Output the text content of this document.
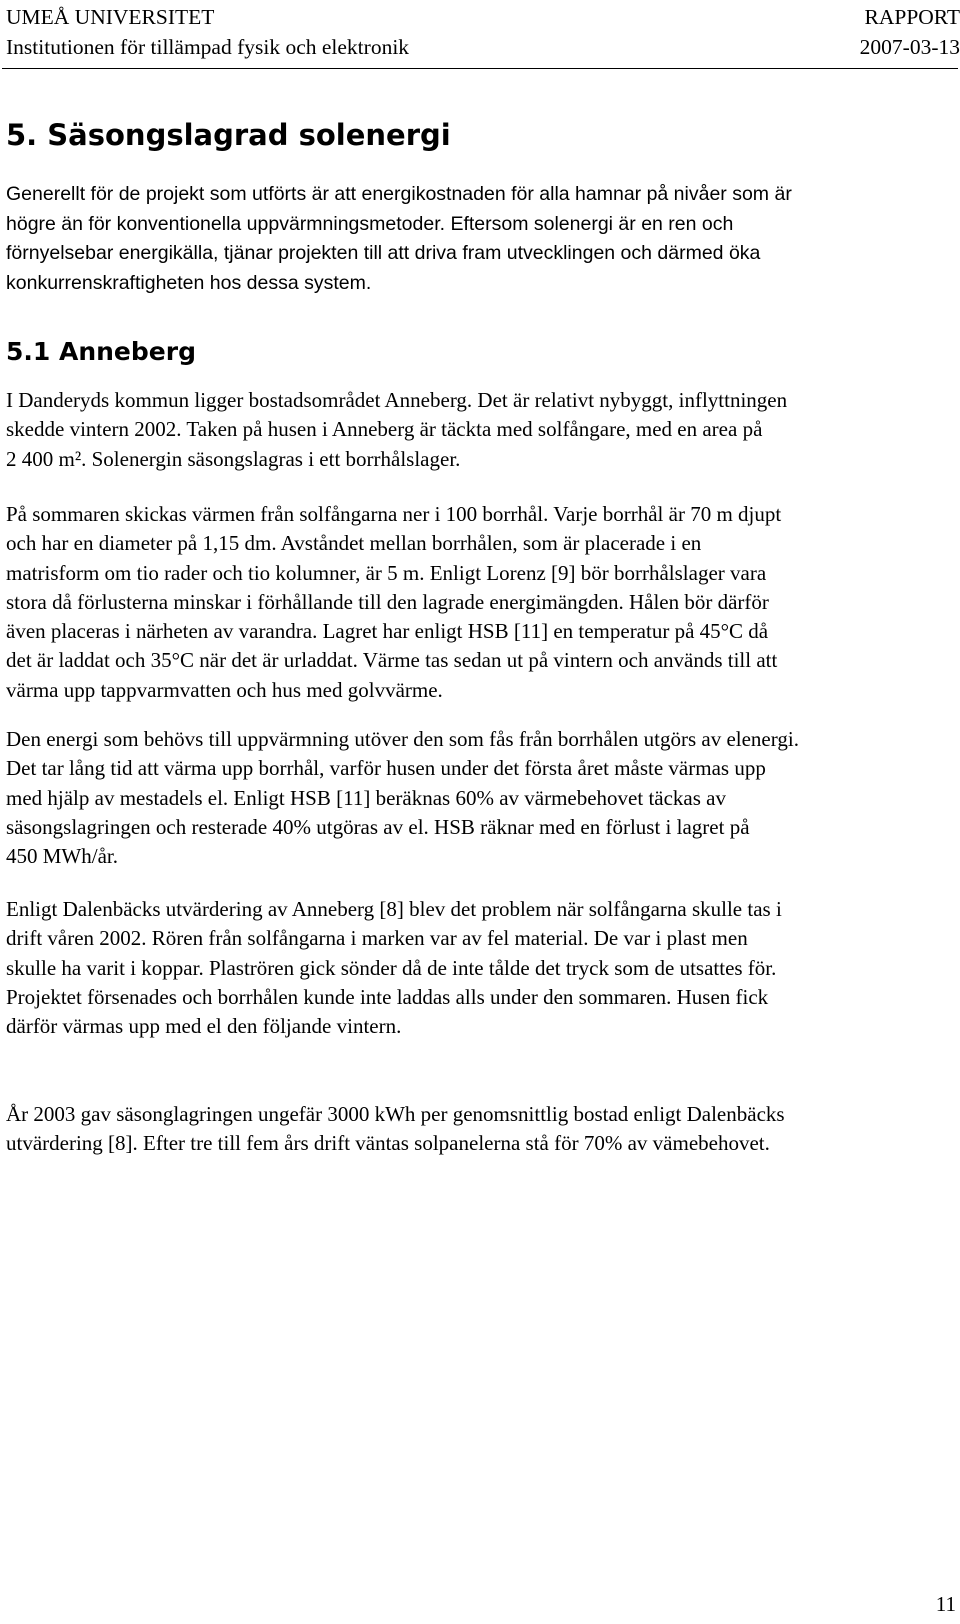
UMEÅ UNIVERSITET	RAPPORT
Institutionen för tillämpad fysik och elektronik	2007-03-13
5. Säsongslagrad solenergi
Generellt för de projekt som utförts är att energikostnaden för alla hamnar på nivåer som är
högre än för konventionella uppvärmningsmetoder. Eftersom solenergi är en ren och
förnyelsebar energikälla, tjänar projekten till att driva fram utvecklingen och därmed öka
konkurrenskraftigheten hos dessa system.
5.1 Anneberg
I Danderyds kommun ligger bostadsområdet Anneberg. Det är relativt nybyggt, inflyttningen
skedde vintern 2002. Taken på husen i Anneberg är täckta med solfångare, med en area på
2 400 m². Solenergin säsongslagras i ett borrhålslager.
På sommaren skickas värmen från solfångarna ner i 100 borrhål. Varje borrhål är 70 m djupt
och har en diameter på 1,15 dm. Avståndet mellan borrhålen, som är placerade i en
matrisform om tio rader och tio kolumner, är 5 m. Enligt Lorenz [9] bör borrhålslager vara
stora då förlusterna minskar i förhållande till den lagrade energimängden. Hålen bör därför
även placeras i närheten av varandra. Lagret har enligt HSB [11] en temperatur på 45°C då
det är laddat och 35°C när det är urladdat. Värme tas sedan ut på vintern och används till att
värma upp tappvarmvatten och hus med golvvärme.
Den energi som behövs till uppvärmning utöver den som fås från borrhålen utgörs av elenergi.
Det tar lång tid att värma upp borrhål, varför husen under det första året måste värmas upp
med hjälp av mestadels el. Enligt HSB [11] beräknas 60% av värmebehovet täckas av
säsongslagringen och resterade 40% utgöras av el. HSB räknar med en förlust i lagret på
450 MWh/år.
Enligt Dalenbäcks utvärdering av Anneberg [8] blev det problem när solfångarna skulle tas i
drift våren 2002. Rören från solfångarna i marken var av fel material. De var i plast men
skulle ha varit i koppar. Plaströren gick sönder då de inte tålde det tryck som de utsattes för.
Projektet försenades och borrhålen kunde inte laddas alls under den sommaren. Husen fick
därför värmas upp med el den följande vintern.
År 2003 gav säsonglagringen ungefär 3000 kWh per genomsnittlig bostad enligt Dalenbäcks
utvärdering [8]. Efter tre till fem års drift väntas solpanelerna stå för 70% av vämebehovet.
11
